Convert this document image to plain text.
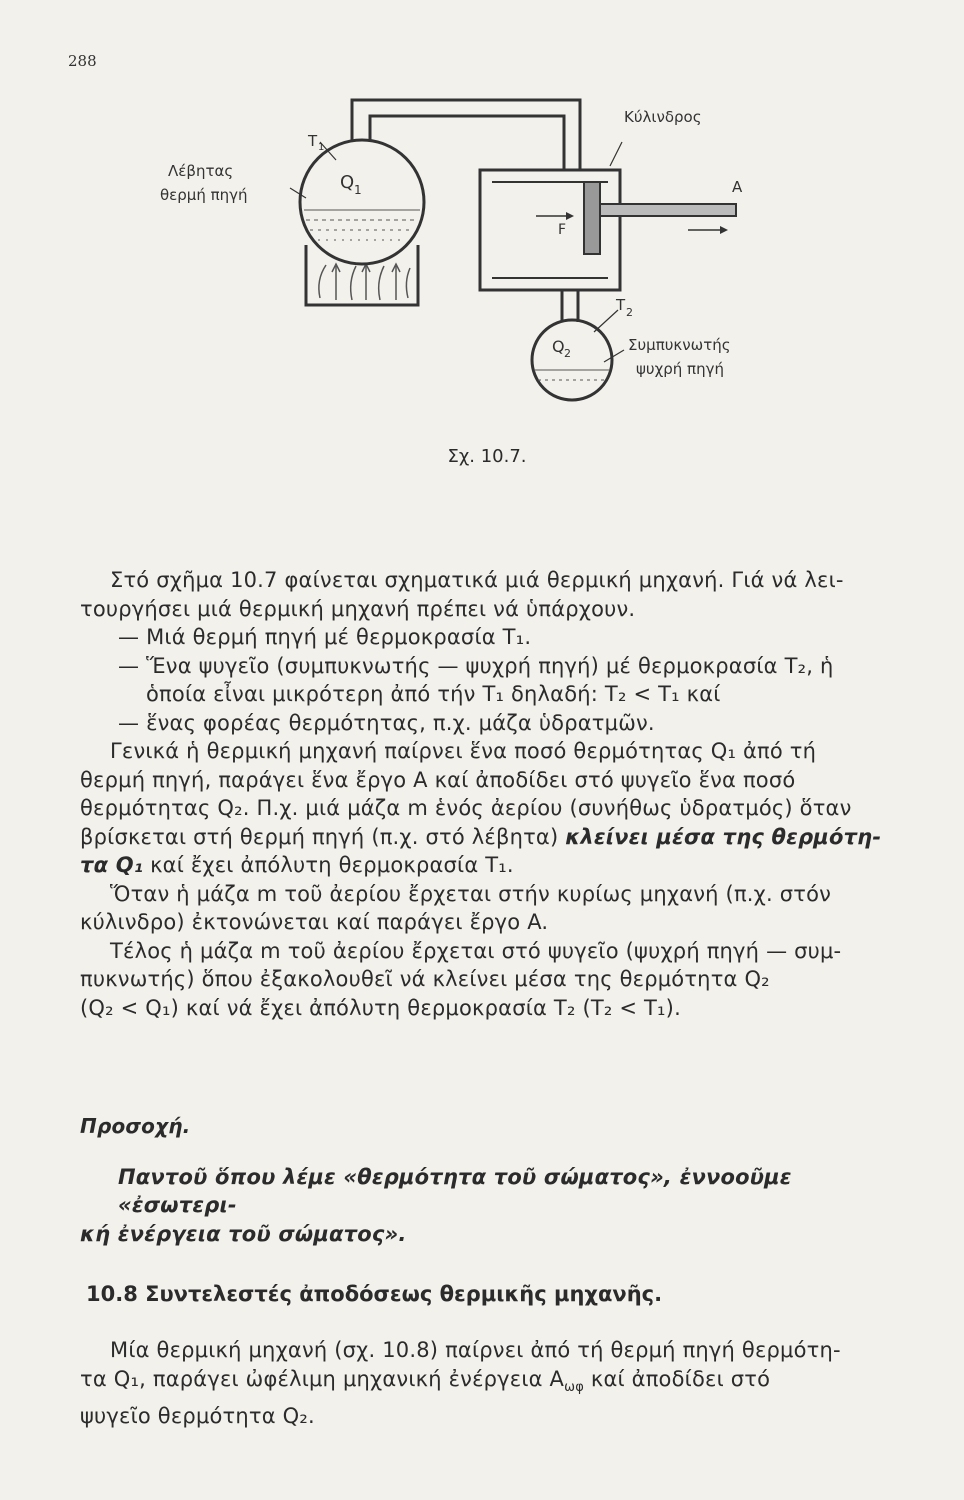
288
Λέβητας
θερμή πηγή
T 1
Q 1
Κύλινδρος
A
F
T 2
Q 2	Συμπυκνωτής
ψυχρή πηγή
Σχ. 10.7.

Στό σχῆμα 10.7 φαίνεται σχηματικά μιά θερμική μηχανή. Γιά νά λει-

τουργήσει μιά θερμική μηχανή πρέπει νά ὑπάρχουν.

— Μιά θερμή πηγή μέ θερμοκρασία T₁.

— Ἕνα ψυγεῖο (συμπυκνωτής — ψυχρή πηγή) μέ θερμοκρασία T₂, ἡ

ὁποία εἶναι μικρότερη ἀπό τήν T₁ δηλαδή: T₂ < T₁ καί

— ἕνας φορέας θερμότητας, π.χ. μάζα ὑδρατμῶν.

Γενικά ἡ θερμική μηχανή παίρνει ἕνα ποσό θερμότητας Q₁ ἀπό τή

θερμή πηγή, παράγει ἕνα ἔργο A καί ἀποδίδει στό ψυγεῖο ἕνα ποσό

θερμότητας Q₂. Π.χ. μιά μάζα m ἑνός ἀερίου (συνήθως ὑδρατμός) ὅταν

βρίσκεται στή θερμή πηγή (π.χ. στό λέβητα) κλείνει μέσα της θερμότη-

τα Q₁ καί ἔχει ἀπόλυτη θερμοκρασία T₁.

Ὅταν ἡ μάζα m τοῦ ἀερίου ἔρχεται στήν κυρίως μηχανή (π.χ. στόν

κύλινδρο) ἐκτονώνεται καί παράγει ἔργο A.

Τέλος ἡ μάζα m τοῦ ἀερίου ἔρχεται στό ψυγεῖο (ψυχρή πηγή — συμ-

πυκνωτής) ὅπου ἐξακολουθεῖ νά κλείνει μέσα της θερμότητα Q₂

(Q₂ < Q₁) καί νά ἔχει ἀπόλυτη θερμοκρασία T₂ (T₂ < T₁).

Προσοχή.

Παντοῦ ὅπου λέμε «θερμότητα τοῦ σώματος», ἐννοοῦμε «ἐσωτερι-

κή ἐνέργεια τοῦ σώματος».

10.8 Συντελεστές ἀποδόσεως θερμικῆς μηχανῆς.

Μία θερμική μηχανή (σχ. 10.8) παίρνει ἀπό τή θερμή πηγή θερμότη-

τα Q₁, παράγει ὠφέλιμη μηχανική ἐνέργεια $A_{\omega\varphi}$ καί ἀποδίδει στό

ψυγεῖο θερμότητα Q₂.
